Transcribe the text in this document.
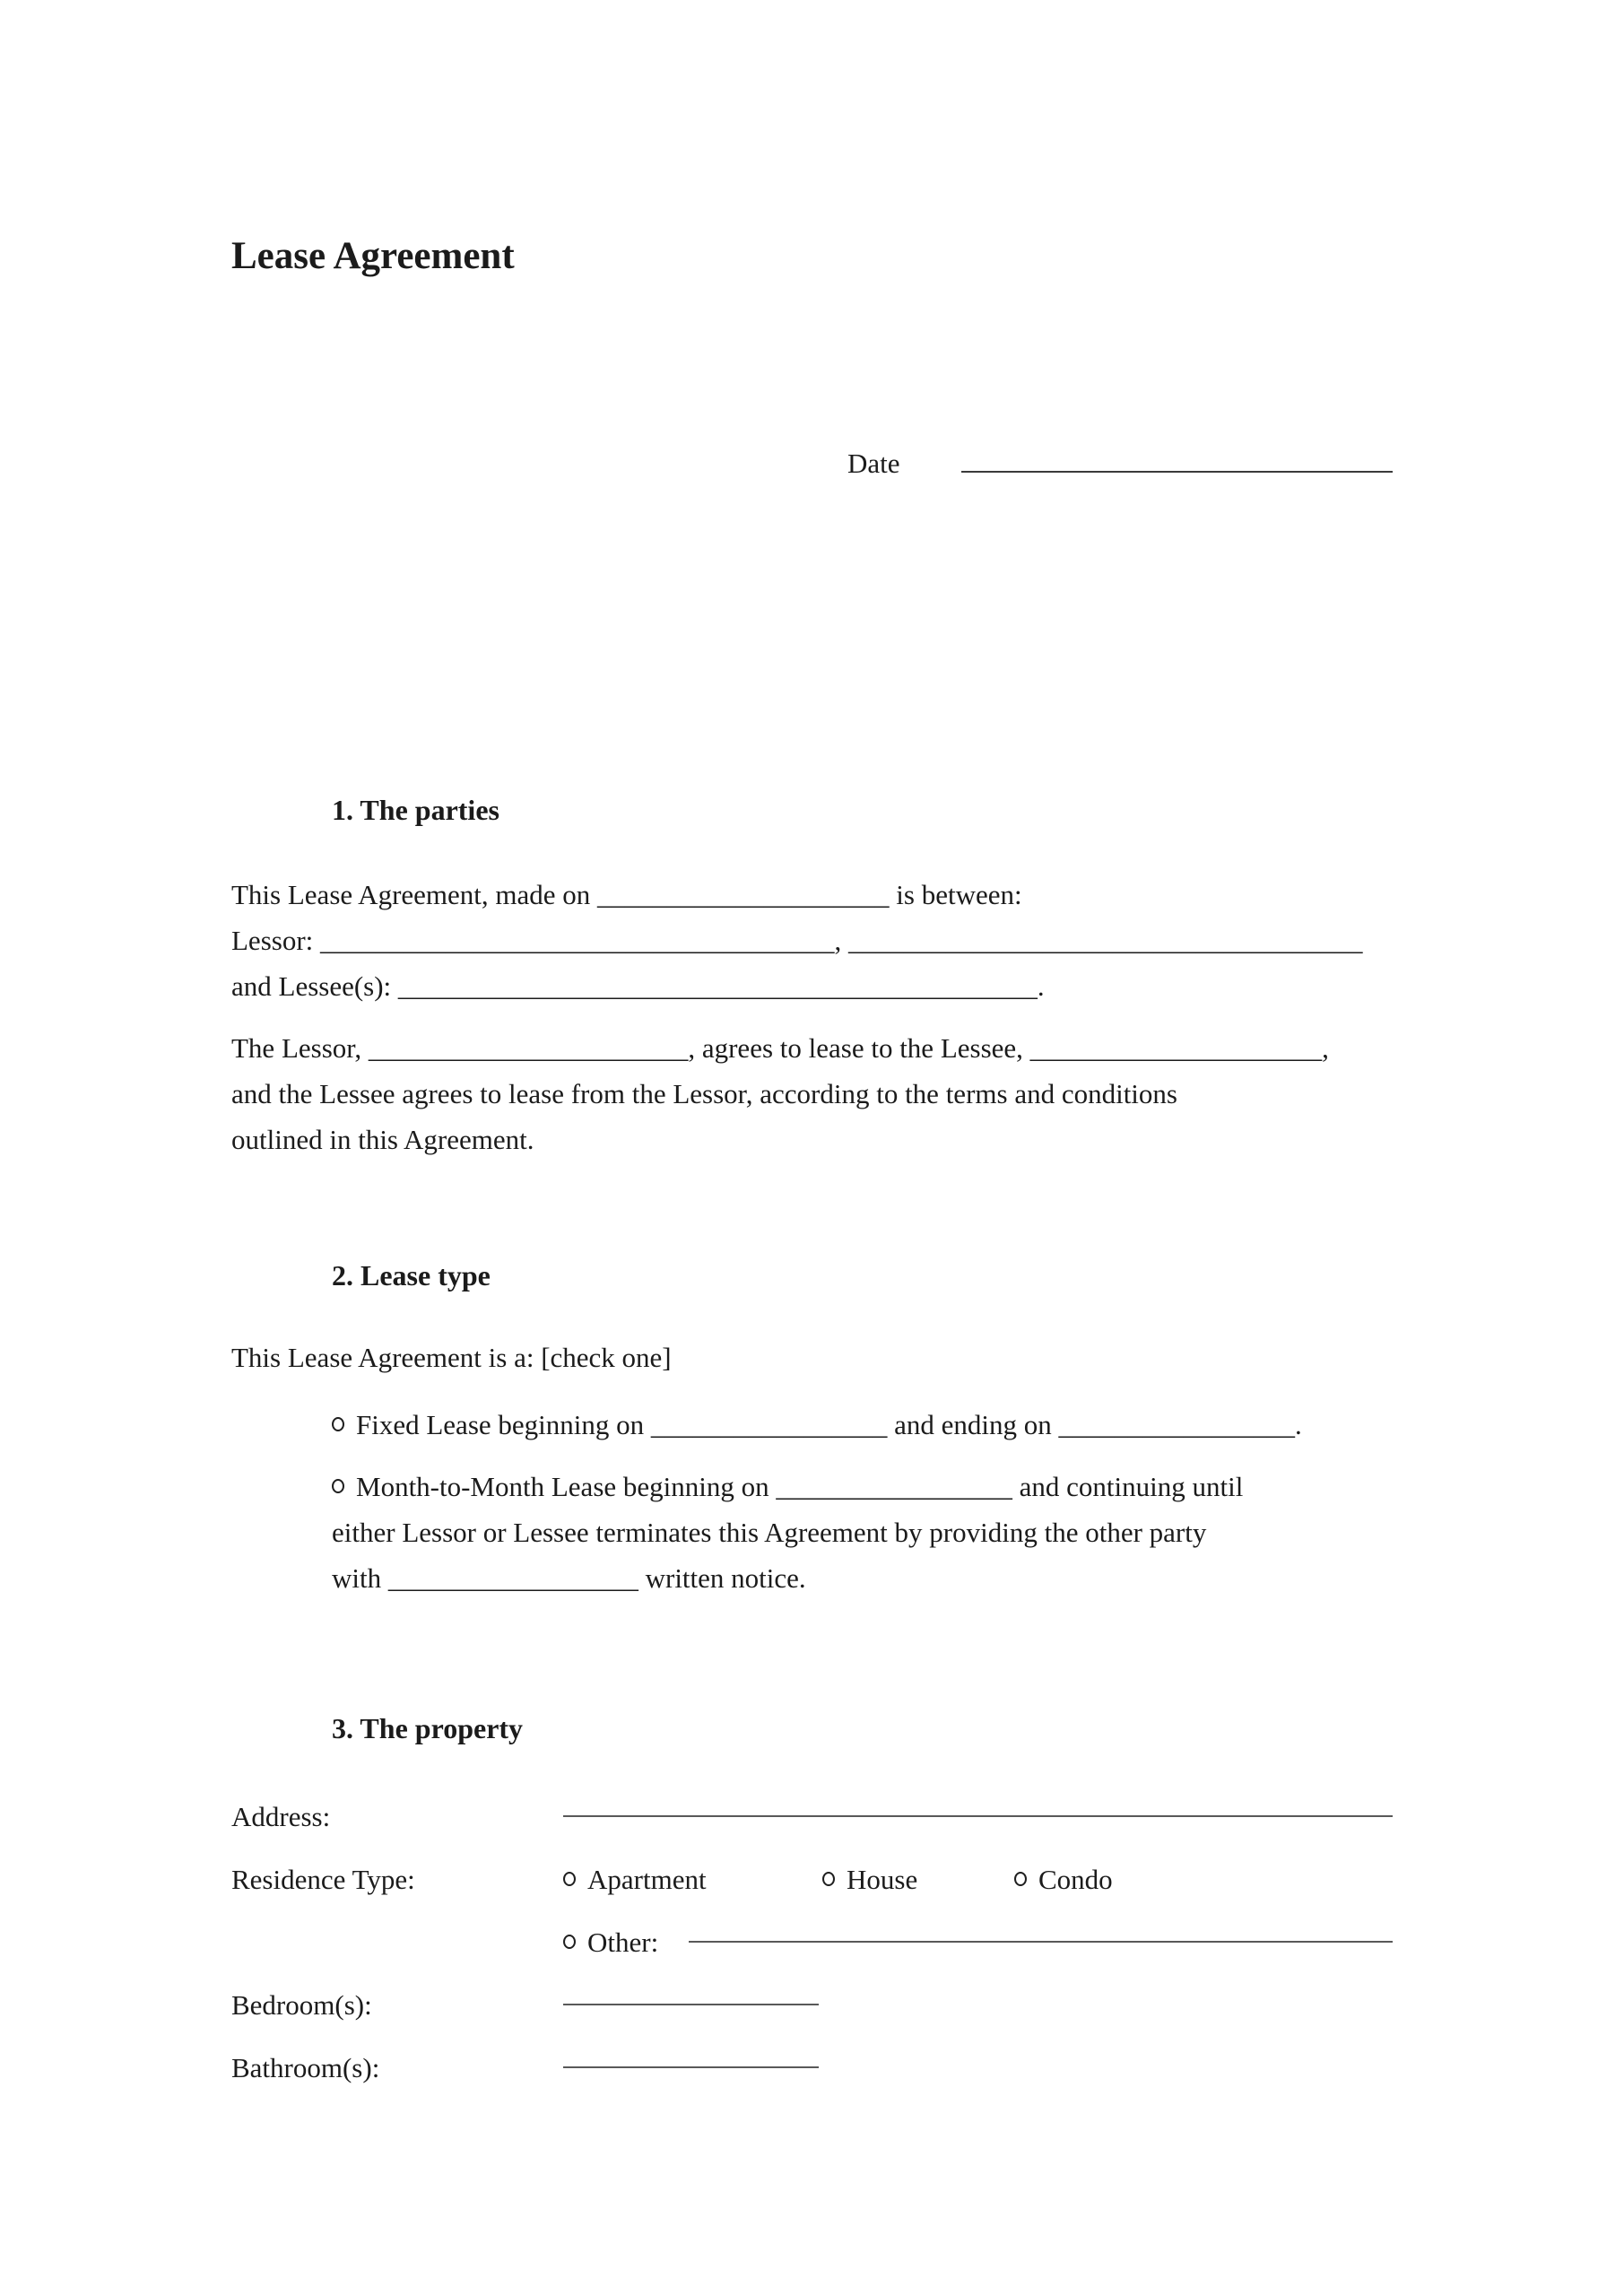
Lease Agreement
Date
1. The parties
This Lease Agreement, made on _____________________ is between:
Lessor: _____________________________________, _____________________________________
and Lessee(s): ______________________________________________.
The Lessor, _______________________, agrees to lease to the Lessee, _____________________,
and the Lessee agrees to lease from the Lessor, according to the terms and conditions
outlined in this Agreement.
2. Lease type
This Lease Agreement is a: [check one]
Fixed Lease beginning on _________________ and ending on _________________.
Month-to-Month Lease beginning on _________________ and continuing until
either Lessor or Lessee terminates this Agreement by providing the other party
with __________________ written notice.
3. The property
Address:
Residence Type:	Apartment	House	Condo
Other:
Bedroom(s):
Bathroom(s):
